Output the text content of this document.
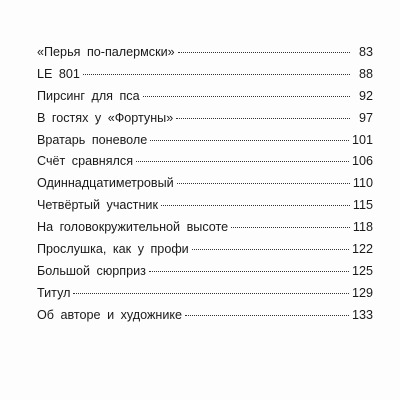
«Перья по-палермски»	83
LE 801	88
Пирсинг для пса	92
В гостях у «Фортуны»	97
Вратарь поневоле	101
Счёт сравнялся	106
Одиннадцатиметровый	110
Четвёртый участник	115
На головокружительной высоте	118
Прослушка, как у профи	122
Большой сюрприз	125
Титул	129
Об авторе и художнике	133
